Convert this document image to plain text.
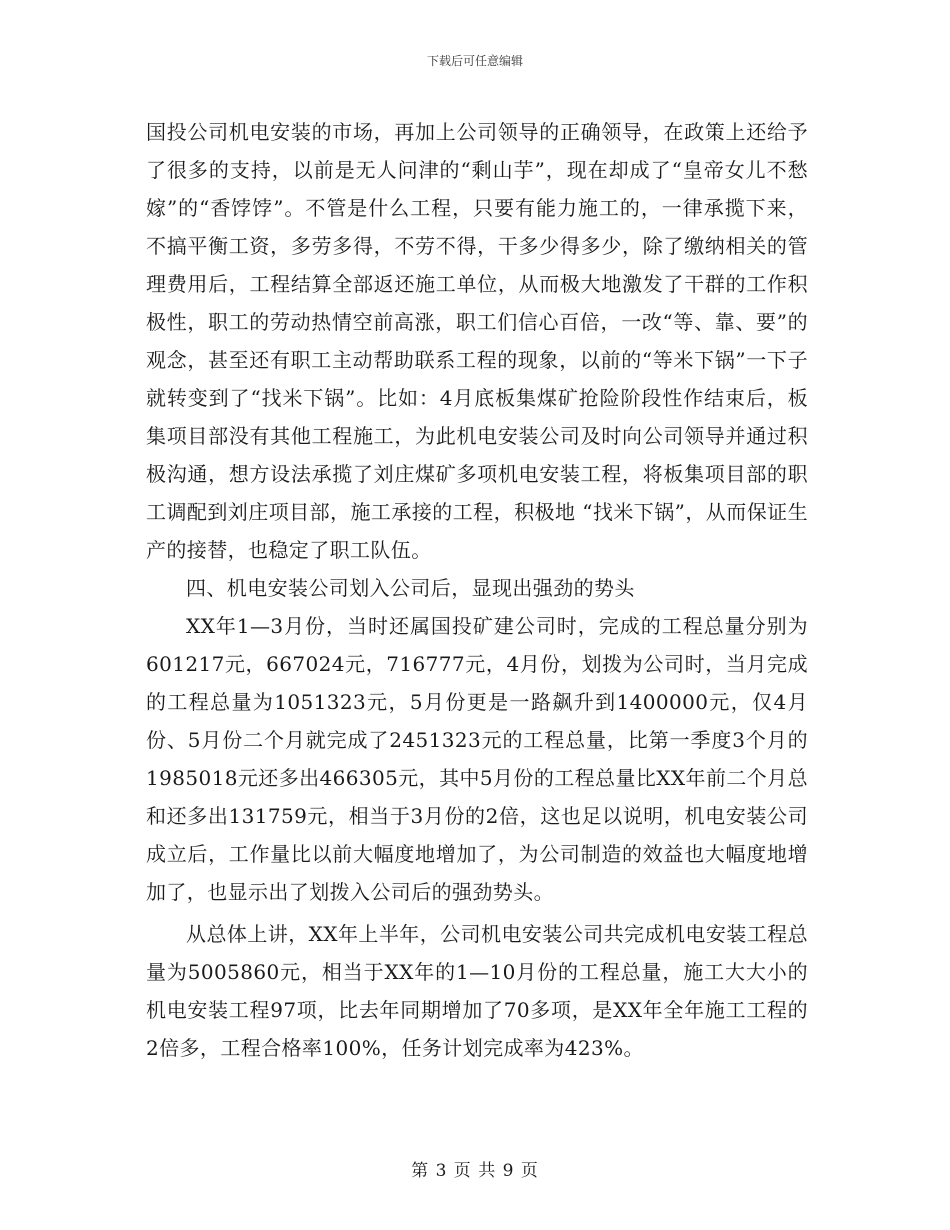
下载后可任意编辑

国投公司机电安装的市场，再加上公司领导的正确领导，在政策上还给予了很多的支持，以前是无人问津的“剩山芋”，现在却成了“皇帝女儿不愁嫁”的“香饽饽”。不管是什么工程，只要有能力施工的，一律承揽下来，不搞平衡工资，多劳多得，不劳不得，干多少得多少，除了缴纳相关的管理费用后，工程结算全部返还施工单位，从而极大地激发了干群的工作积极性，职工的劳动热情空前高涨，职工们信心百倍，一改“等、靠、要”的观念，甚至还有职工主动帮助联系工程的现象，以前的“等米下锅”一下子就转变到了“找米下锅”。比如：4月底板集煤矿抢险阶段性作结束后，板集项目部没有其他工程施工，为此机电安装公司及时向公司领导并通过积极沟通，想方设法承揽了刘庄煤矿多项机电安装工程，将板集项目部的职工调配到刘庄项目部，施工承接的工程，积极地 “找米下锅”，从而保证生产的接替，也稳定了职工队伍。

四、机电安装公司划入公司后，显现出强劲的势头

XX年1—3月份，当时还属国投矿建公司时，完成的工程总量分别为601217元，667024元，716777元，4月份，划拨为公司时，当月完成的工程总量为1051323元，5月份更是一路飙升到1400000元，仅4月份、5月份二个月就完成了2451323元的工程总量，比第一季度3个月的1985018元还多出466305元，其中5月份的工程总量比XX年前二个月总和还多出131759元，相当于3月份的2倍，这也足以说明，机电安装公司成立后，工作量比以前大幅度地增加了，为公司制造的效益也大幅度地增加了，也显示出了划拨入公司后的强劲势头。

从总体上讲，XX年上半年，公司机电安装公司共完成机电安装工程总量为5005860元，相当于XX年的1—10月份的工程总量，施工大大小的机电安装工程97项，比去年同期增加了70多项，是XX年全年施工工程的2倍多，工程合格率100%，任务计划完成率为423%。

第 3 页 共 9 页
